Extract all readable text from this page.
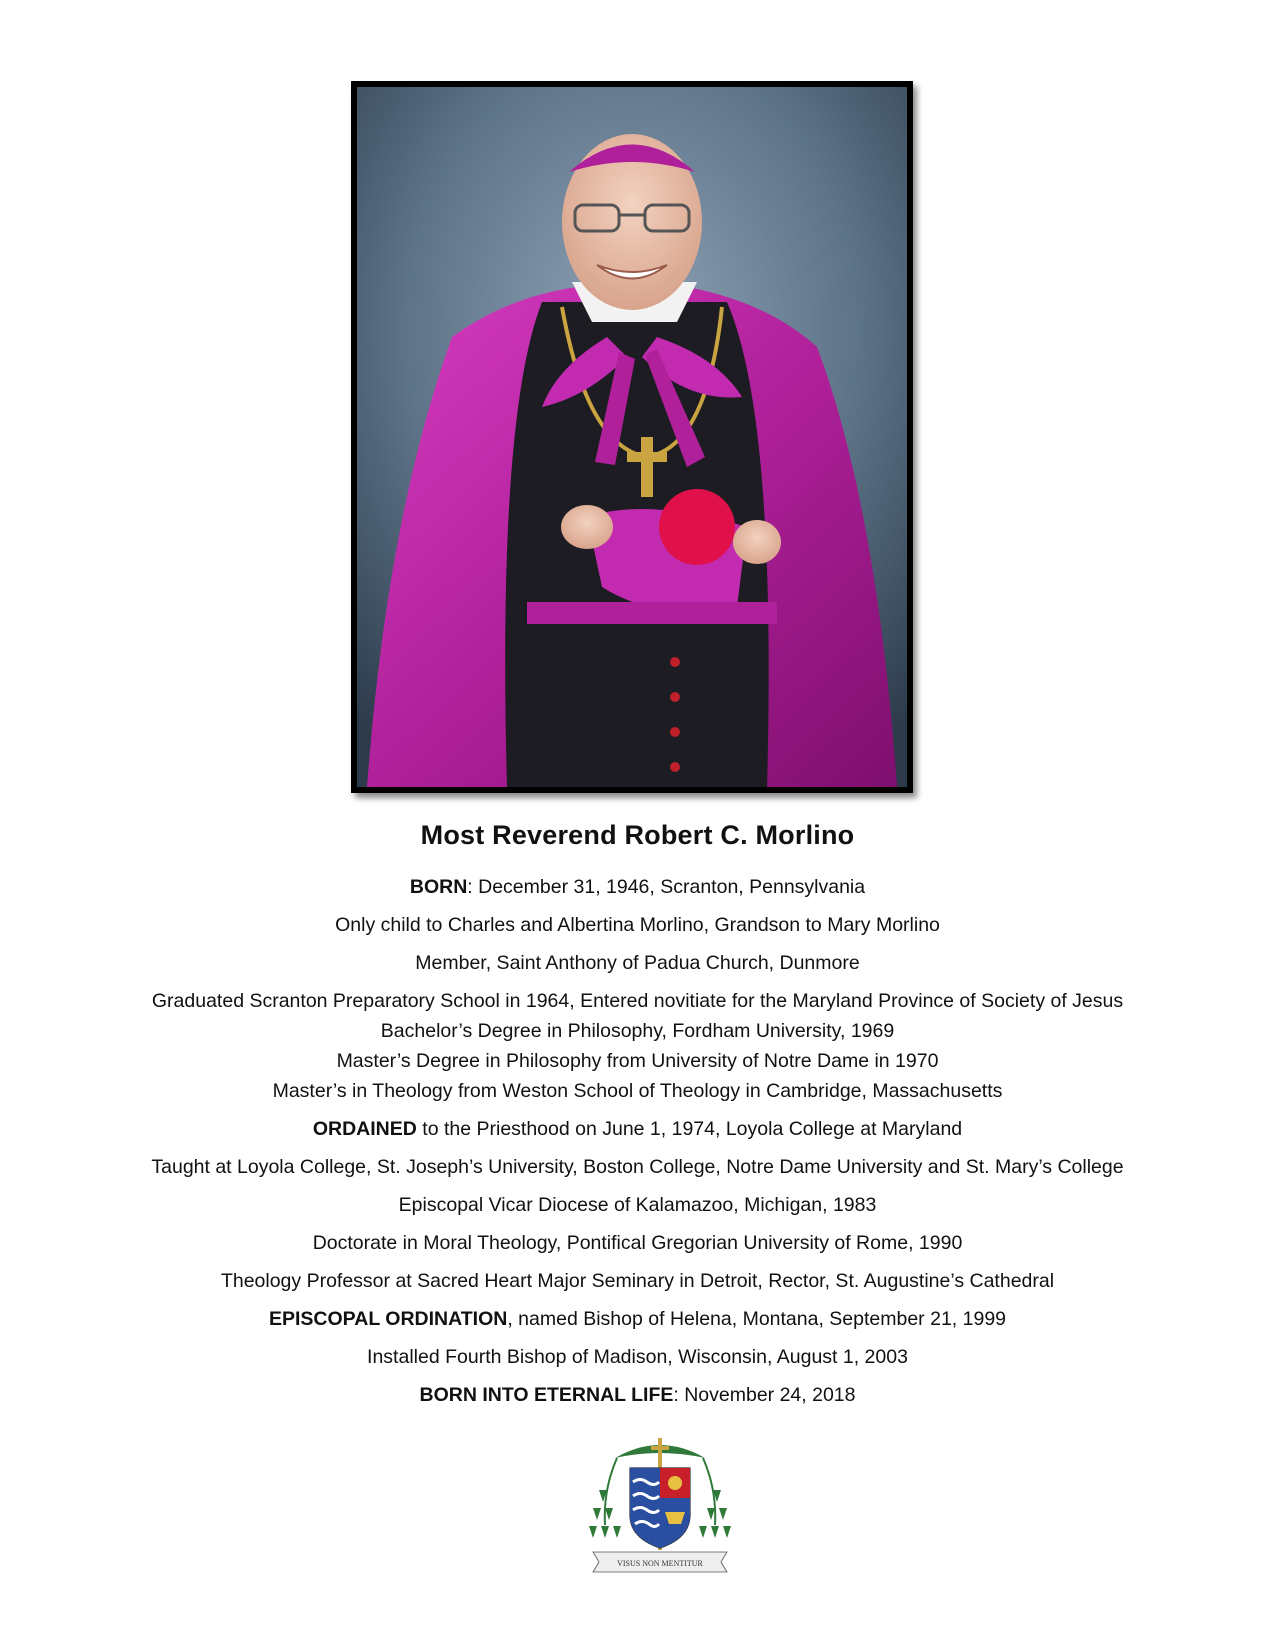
Most Reverend Robert C. Morlino

BORN: December 31, 1946, Scranton, Pennsylvania

Only child to Charles and Albertina Morlino, Grandson to Mary Morlino

Member, Saint Anthony of Padua Church, Dunmore

Graduated Scranton Preparatory School in 1964, Entered novitiate for the Maryland Province of Society of Jesus

Bachelor’s Degree in Philosophy, Fordham University, 1969

Master’s Degree in Philosophy from University of Notre Dame in 1970

Master’s in Theology from Weston School of Theology in Cambridge, Massachusetts

ORDAINED to the Priesthood on June 1, 1974, Loyola College at Maryland

Taught at Loyola College, St. Joseph’s University, Boston College, Notre Dame University and St. Mary’s College

Episcopal Vicar Diocese of Kalamazoo, Michigan, 1983

Doctorate in Moral Theology, Pontifical Gregorian University of Rome, 1990

Theology Professor at Sacred Heart Major Seminary in Detroit, Rector, St. Augustine’s Cathedral

EPISCOPAL ORDINATION, named Bishop of Helena, Montana, September 21, 1999

Installed Fourth Bishop of Madison, Wisconsin, August 1, 2003

BORN INTO ETERNAL LIFE: November 24, 2018

VISUS NON MENTITUR
